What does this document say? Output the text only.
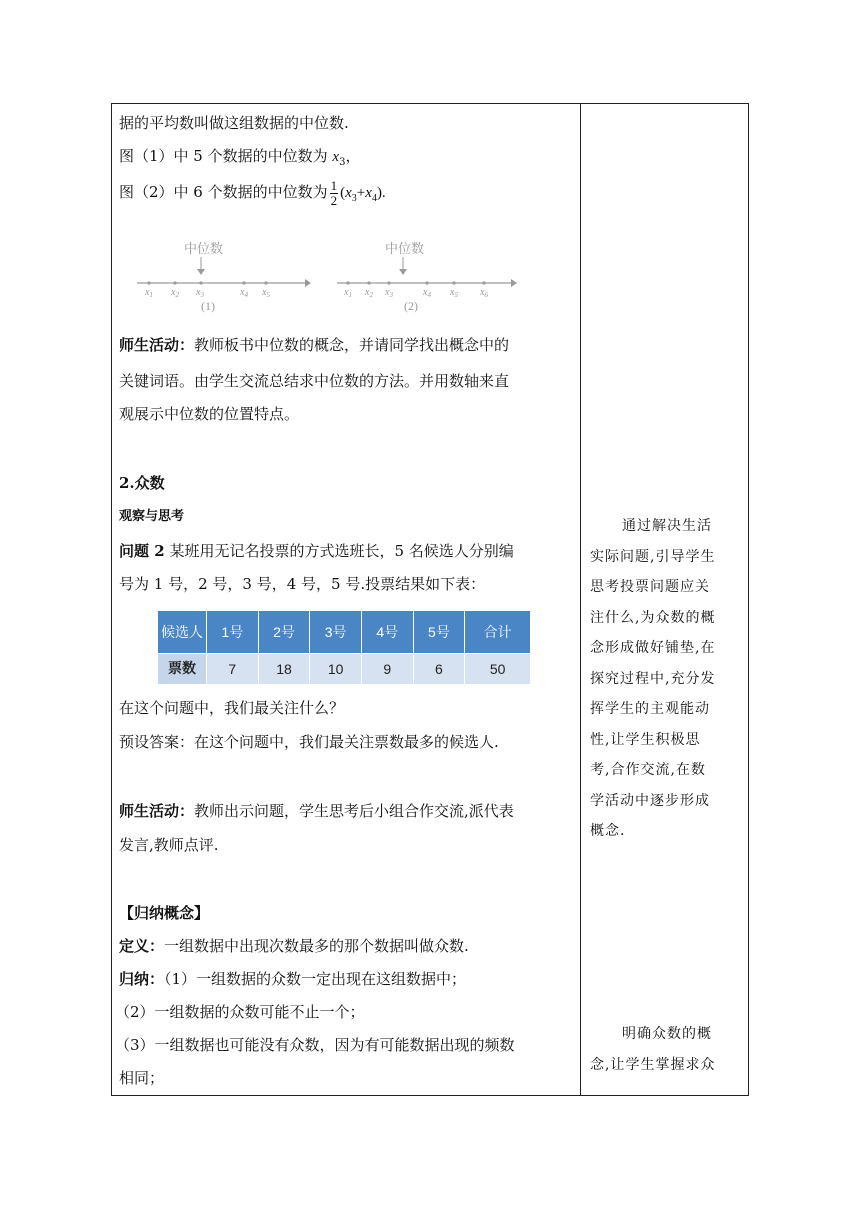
据的平均数叫做这组数据的中位数.
图（1）中 5 个数据的中位数为 $x_3$，
图（2）中 6 个数据的中位数为 $\frac{1}{2} (x_3+x_4)$.
中位数
$x_1$ $x_2$ $x_3$	$x_4$ $x_5$
(1)
中位数
$x_1$ $x_2$ $x_3$	$x_4$ $x_5$ $x_6$
(2)
师生活动：教师板书中位数的概念，并请同学找出概念中的
关键词语。由学生交流总结求中位数的方法。并用数轴来直
观展示中位数的位置特点。
2.众数
观察与思考
问题 2 某班用无记名投票的方式选班长，5 名候选人分别编
号为 1 号，2 号，3 号，4 号，5 号.投票结果如下表：
候选人	1号	2号	3号	4号	5号	合计
票数	7	18	10	9	6	50
在这个问题中，我们最关注什么？
预设答案：在这个问题中，我们最关注票数最多的候选人.
师生活动：教师出示问题，学生思考后小组合作交流,派代表
发言,教师点评.
【归纳概念】
定义：一组数据中出现次数最多的那个数据叫做众数.
归纳：（1）一组数据的众数一定出现在这组数据中；
（2）一组数据的众数可能不止一个；
（3）一组数据也可能没有众数，因为有可能数据出现的频数
相同；
通过解决生活
实际问题,引导学生
思考投票问题应关
注什么,为众数的概
念形成做好铺垫,在
探究过程中,充分发
挥学生的主观能动
性,让学生积极思
考,合作交流,在数
学活动中逐步形成
概念.
明确众数的概
念,让学生掌握求众
